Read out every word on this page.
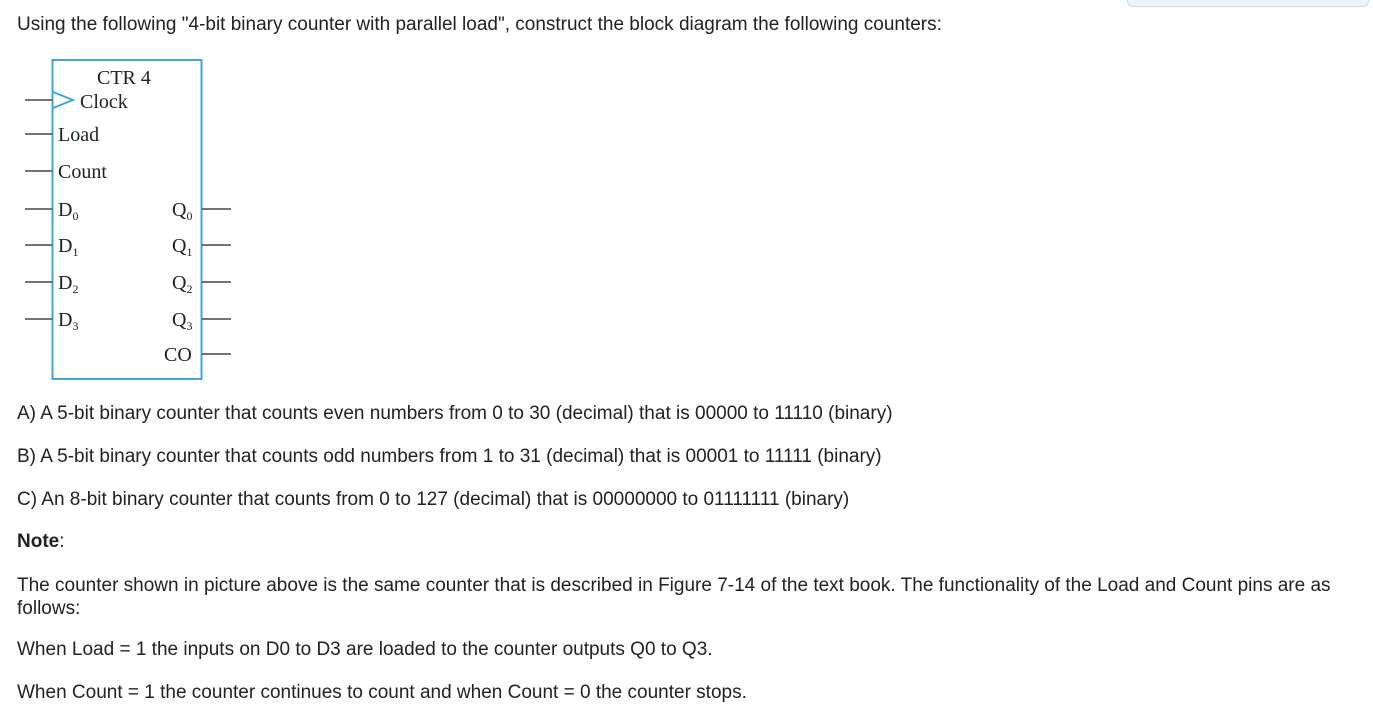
Using the following "4-bit binary counter with parallel load", construct the block diagram the following counters:
CTR 4
Clock
Load
Count
$D_0$
$D_1$
$D_2$
$D_3$
$Q_0$
$Q_1$
$Q_2$
$Q_3$
CO
A) A 5-bit binary counter that counts even numbers from 0 to 30 (decimal) that is 00000 to 11110 (binary)
B) A 5-bit binary counter that counts odd numbers from 1 to 31 (decimal) that is 00001 to 11111 (binary)
C) An 8-bit binary counter that counts from 0 to 127 (decimal) that is 00000000 to 01111111 (binary)
Note:
The counter shown in picture above is the same counter that is described in Figure 7-14 of the text book. The functionality of the Load and Count pins are as follows:
When Load = 1 the inputs on D0 to D3 are loaded to the counter outputs Q0 to Q3.
When Count = 1 the counter continues to count and when Count = 0 the counter stops.
